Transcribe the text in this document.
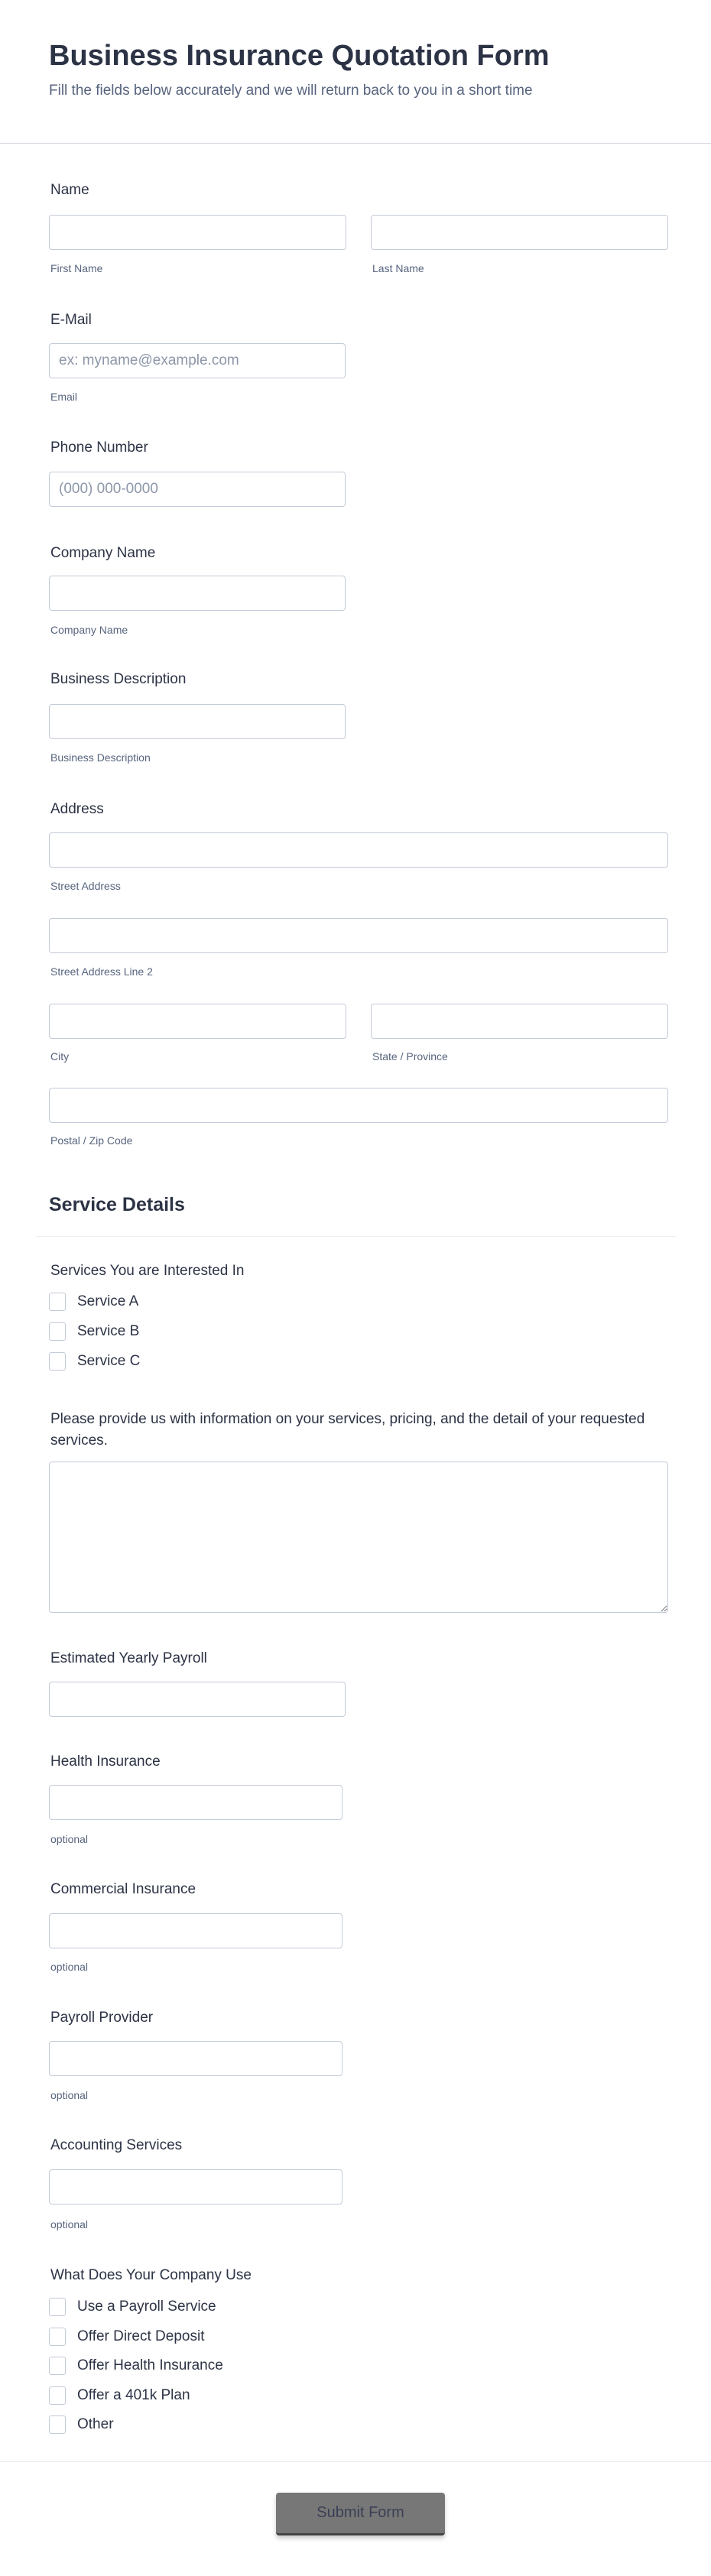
Business Insurance Quotation Form
Fill the fields below accurately and we will return back to you in a short time
Name
First Name	Last Name
E-Mail
ex: myname@example.com
Email
Phone Number
(000) 000-0000
Company Name
Company Name
Business Description
Business Description
Address
Street Address
Street Address Line 2
City	State / Province
Postal / Zip Code
Service Details
Services You are Interested In
Service A
Service B
Service C
Please provide us with information on your services, pricing, and the detail of your requested services.
Estimated Yearly Payroll
Health Insurance
optional
Commercial Insurance
optional
Payroll Provider
optional
Accounting Services
optional
What Does Your Company Use
Use a Payroll Service
Offer Direct Deposit
Offer Health Insurance
Offer a 401k Plan
Other
Submit Form
